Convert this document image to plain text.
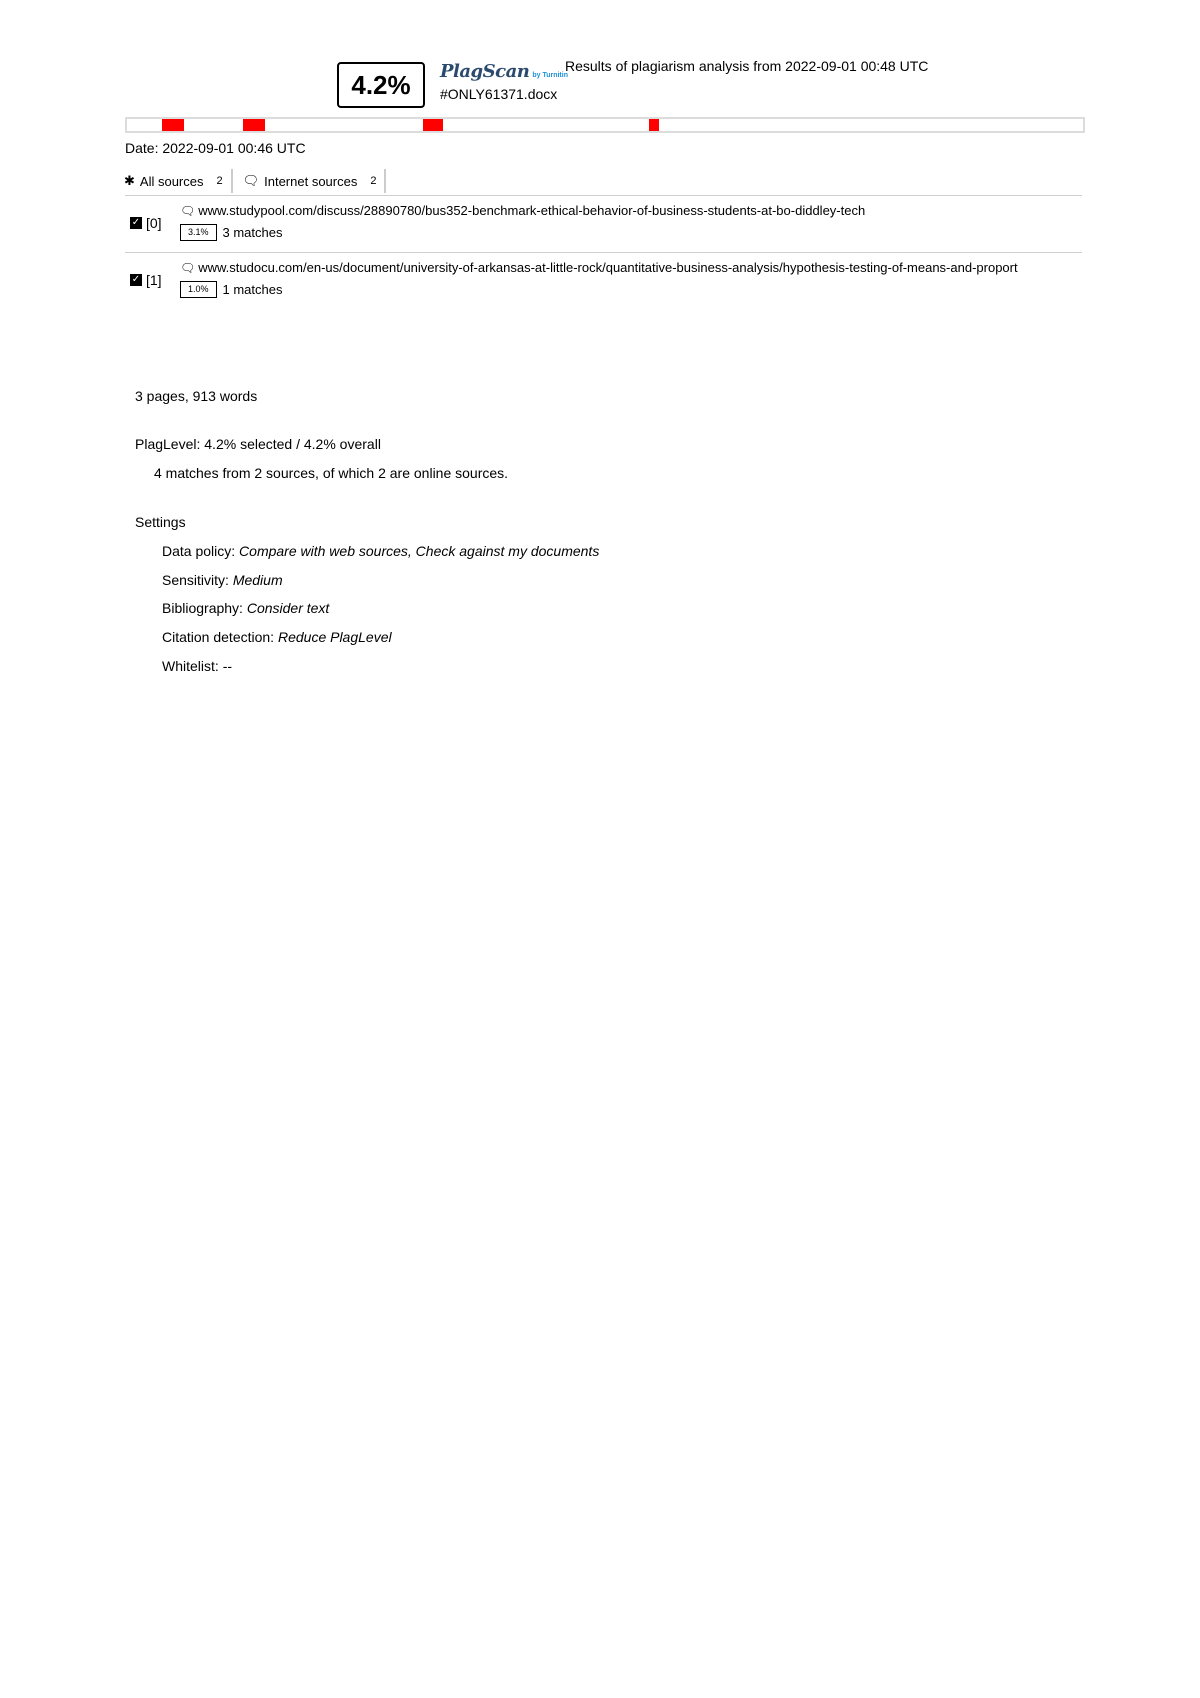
4.2%	PlagScan by Turnitin
Results of plagiarism analysis from 2022-09-01 00:48 UTC
#ONLY61371.docx
Date: 2022-09-01 00:46 UTC
✱ All sources 2 🗨 Internet sources 2
✓ [0]
🗨 www.studypool.com/discuss/28890780/bus352-benchmark-ethical-behavior-of-business-students-at-bo-diddley-tech
3.1%	3 matches
✓ [1]
🗨 www.studocu.com/en-us/document/university-of-arkansas-at-little-rock/quantitative-business-analysis/hypothesis-testing-of-means-and-proport
1.0%	1 matches
3 pages, 913 words
PlagLevel: 4.2% selected / 4.2% overall
4 matches from 2 sources, of which 2 are online sources.
Settings
Data policy: Compare with web sources, Check against my documents
Sensitivity: Medium
Bibliography: Consider text
Citation detection: Reduce PlagLevel
Whitelist: --
